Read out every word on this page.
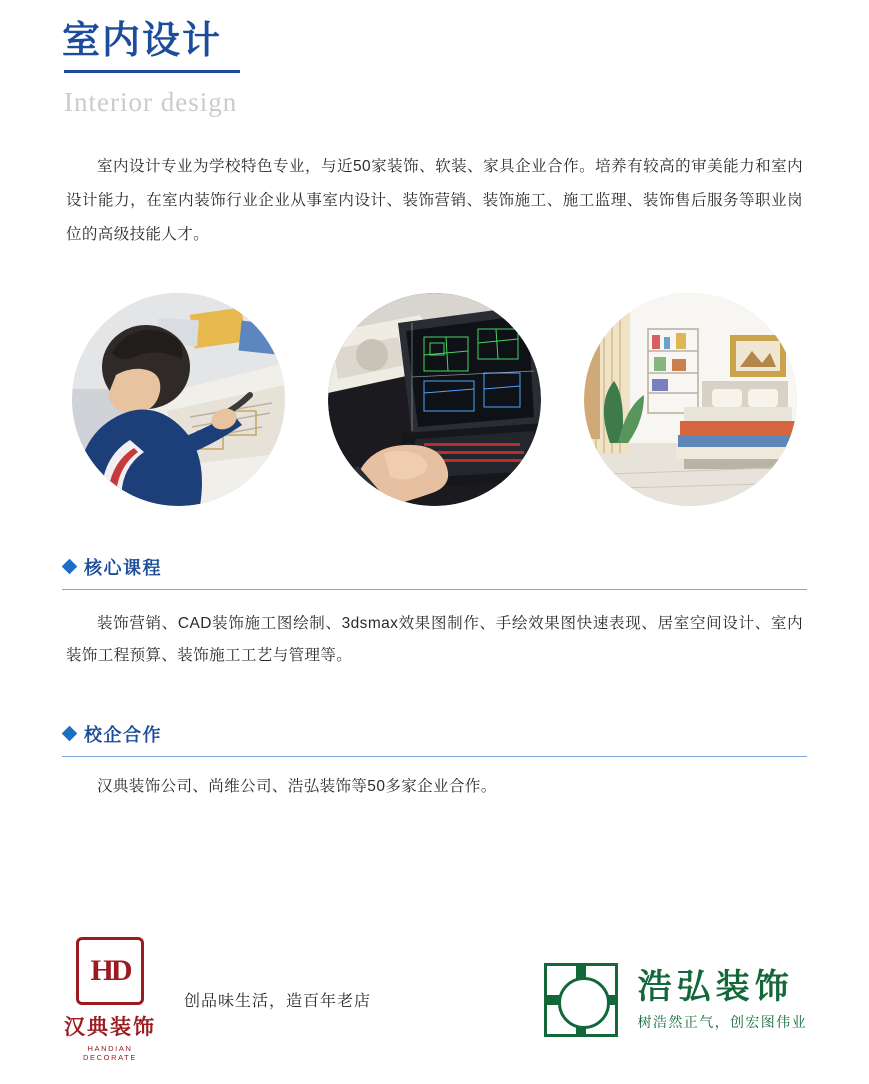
室内设计
Interior design

室内设计专业为学校特色专业，与近50家装饰、软装、家具企业合作。培养有较高的审美能力和室内设计能力，在室内装饰行业企业从事室内设计、装饰营销、装饰施工、施工监理、装饰售后服务等职业岗位的高级技能人才。

核心课程

装饰营销、CAD装饰施工图绘制、3dsmax效果图制作、手绘效果图快速表现、居室空间设计、室内装饰工程预算、装饰施工工艺与管理等。

校企合作

汉典装饰公司、尚维公司、浩弘装饰等50多家企业合作。

HD
汉典装饰
HANDIAN DECORATE
创品味生活，造百年老店	浩弘装饰
树浩然正气，创宏图伟业
